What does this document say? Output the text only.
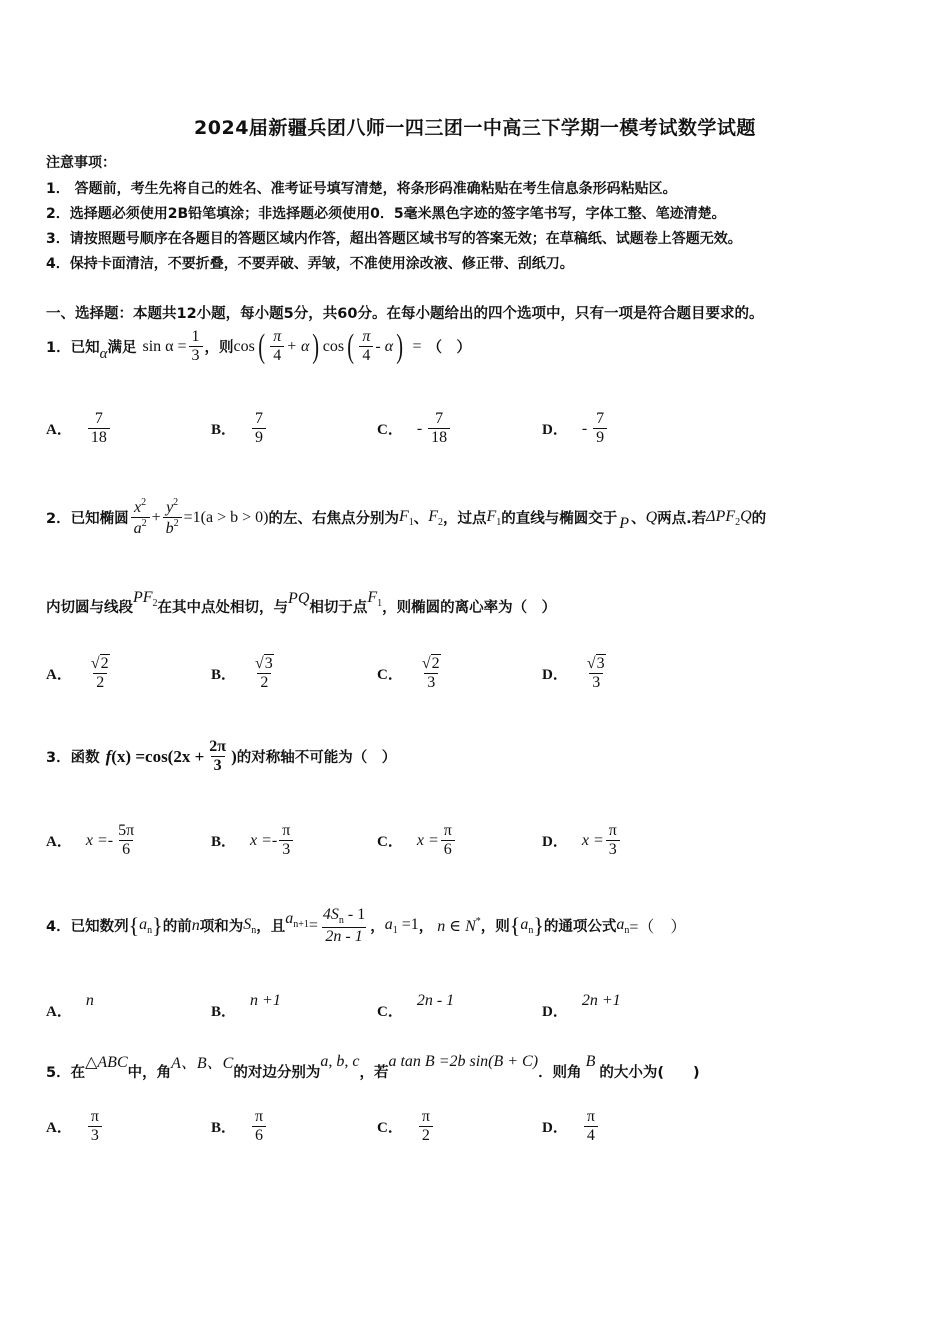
2024届新疆兵团八师一四三团一中高三下学期一模考试数学试题
注意事项：
1． 答题前，考生先将自己的姓名、准考证号填写清楚，将条形码准确粘贴在考生信息条形码粘贴区。
2．选择题必须使用2B铅笔填涂；非选择题必须使用0．5毫米黑色字迹的签字笔书写，字体工整、笔迹清楚。
3．请按照题号顺序在各题目的答题区域内作答，超出答题区域书写的答案无效；在草稿纸、试题卷上答题无效。
4．保持卡面清洁，不要折叠，不要弄破、弄皱，不准使用涂改液、修正带、刮纸刀。
一、选择题：本题共12小题，每小题5分，共60分。在每小题给出的四个选项中，只有一项是符合题目要求的。
1．已知 α 满足 $\sin \alpha = \frac{1}{3}$ ，则 cos ( $\frac{\pi}{4} + \alpha$ ) cos ( $\frac{\pi}{4}$ - α ) = （　）
A． $\frac{7}{18}$	B． $\frac{7}{9}$	C． - $\frac{7}{18}$	D． - $\frac{7}{9}$
2．已知椭圆 $\frac{x^2}{a^2} + \frac{y^2}{b^2} =1(a > b > 0)$ 的左、右焦点分别为 $F_1$ 、 $F_2$ ，过点 $F_1$ 的直线与椭圆交于 P 、 Q 两点.若 $\Delta PF_2Q$ 的
内切圆与线段
$PF_2$ 在其中点处相切，与
PQ
相切于点
$F_1$ ，则椭圆的离心率为（　）
A． $\frac{√2}{2}$	B． $\frac{√3}{2}$	C． $\frac{√2}{3}$	D． $\frac{√3}{3}$
3．函数 f $(x) =\cos(2x + \frac{2\pi}{3}$ ) 的对称轴不可能为（　）
A． $x =- \frac{5\pi}{6}$	B． $x =- \frac{\pi}{3}$	C． $x = \frac{\pi}{6}$	D． $x = \frac{\pi}{3}$
4．已知数列 { $a_n$ } 的前 n 项和为 $S_n$ ，且
$a_{n+1} = \frac{4S_n - 1}{2n - 1}$ ， $a_1 =1$ ， n ∈ N* ，则 { $a_n$ } 的通项公式 $a_n$ =（　）
A．
n
B．
n +1
C．
2n - 1
D．
2n +1
5．在
△ABC
中，角
A、B、C
的对边分别为
a, b, c
，若
a tan B =2b sin(B + C)
．则角
B
的大小为(　　)
A． $\frac{\pi}{3}$	B． $\frac{\pi}{6}$	C． $\frac{\pi}{2}$	D． $\frac{\pi}{4}$
